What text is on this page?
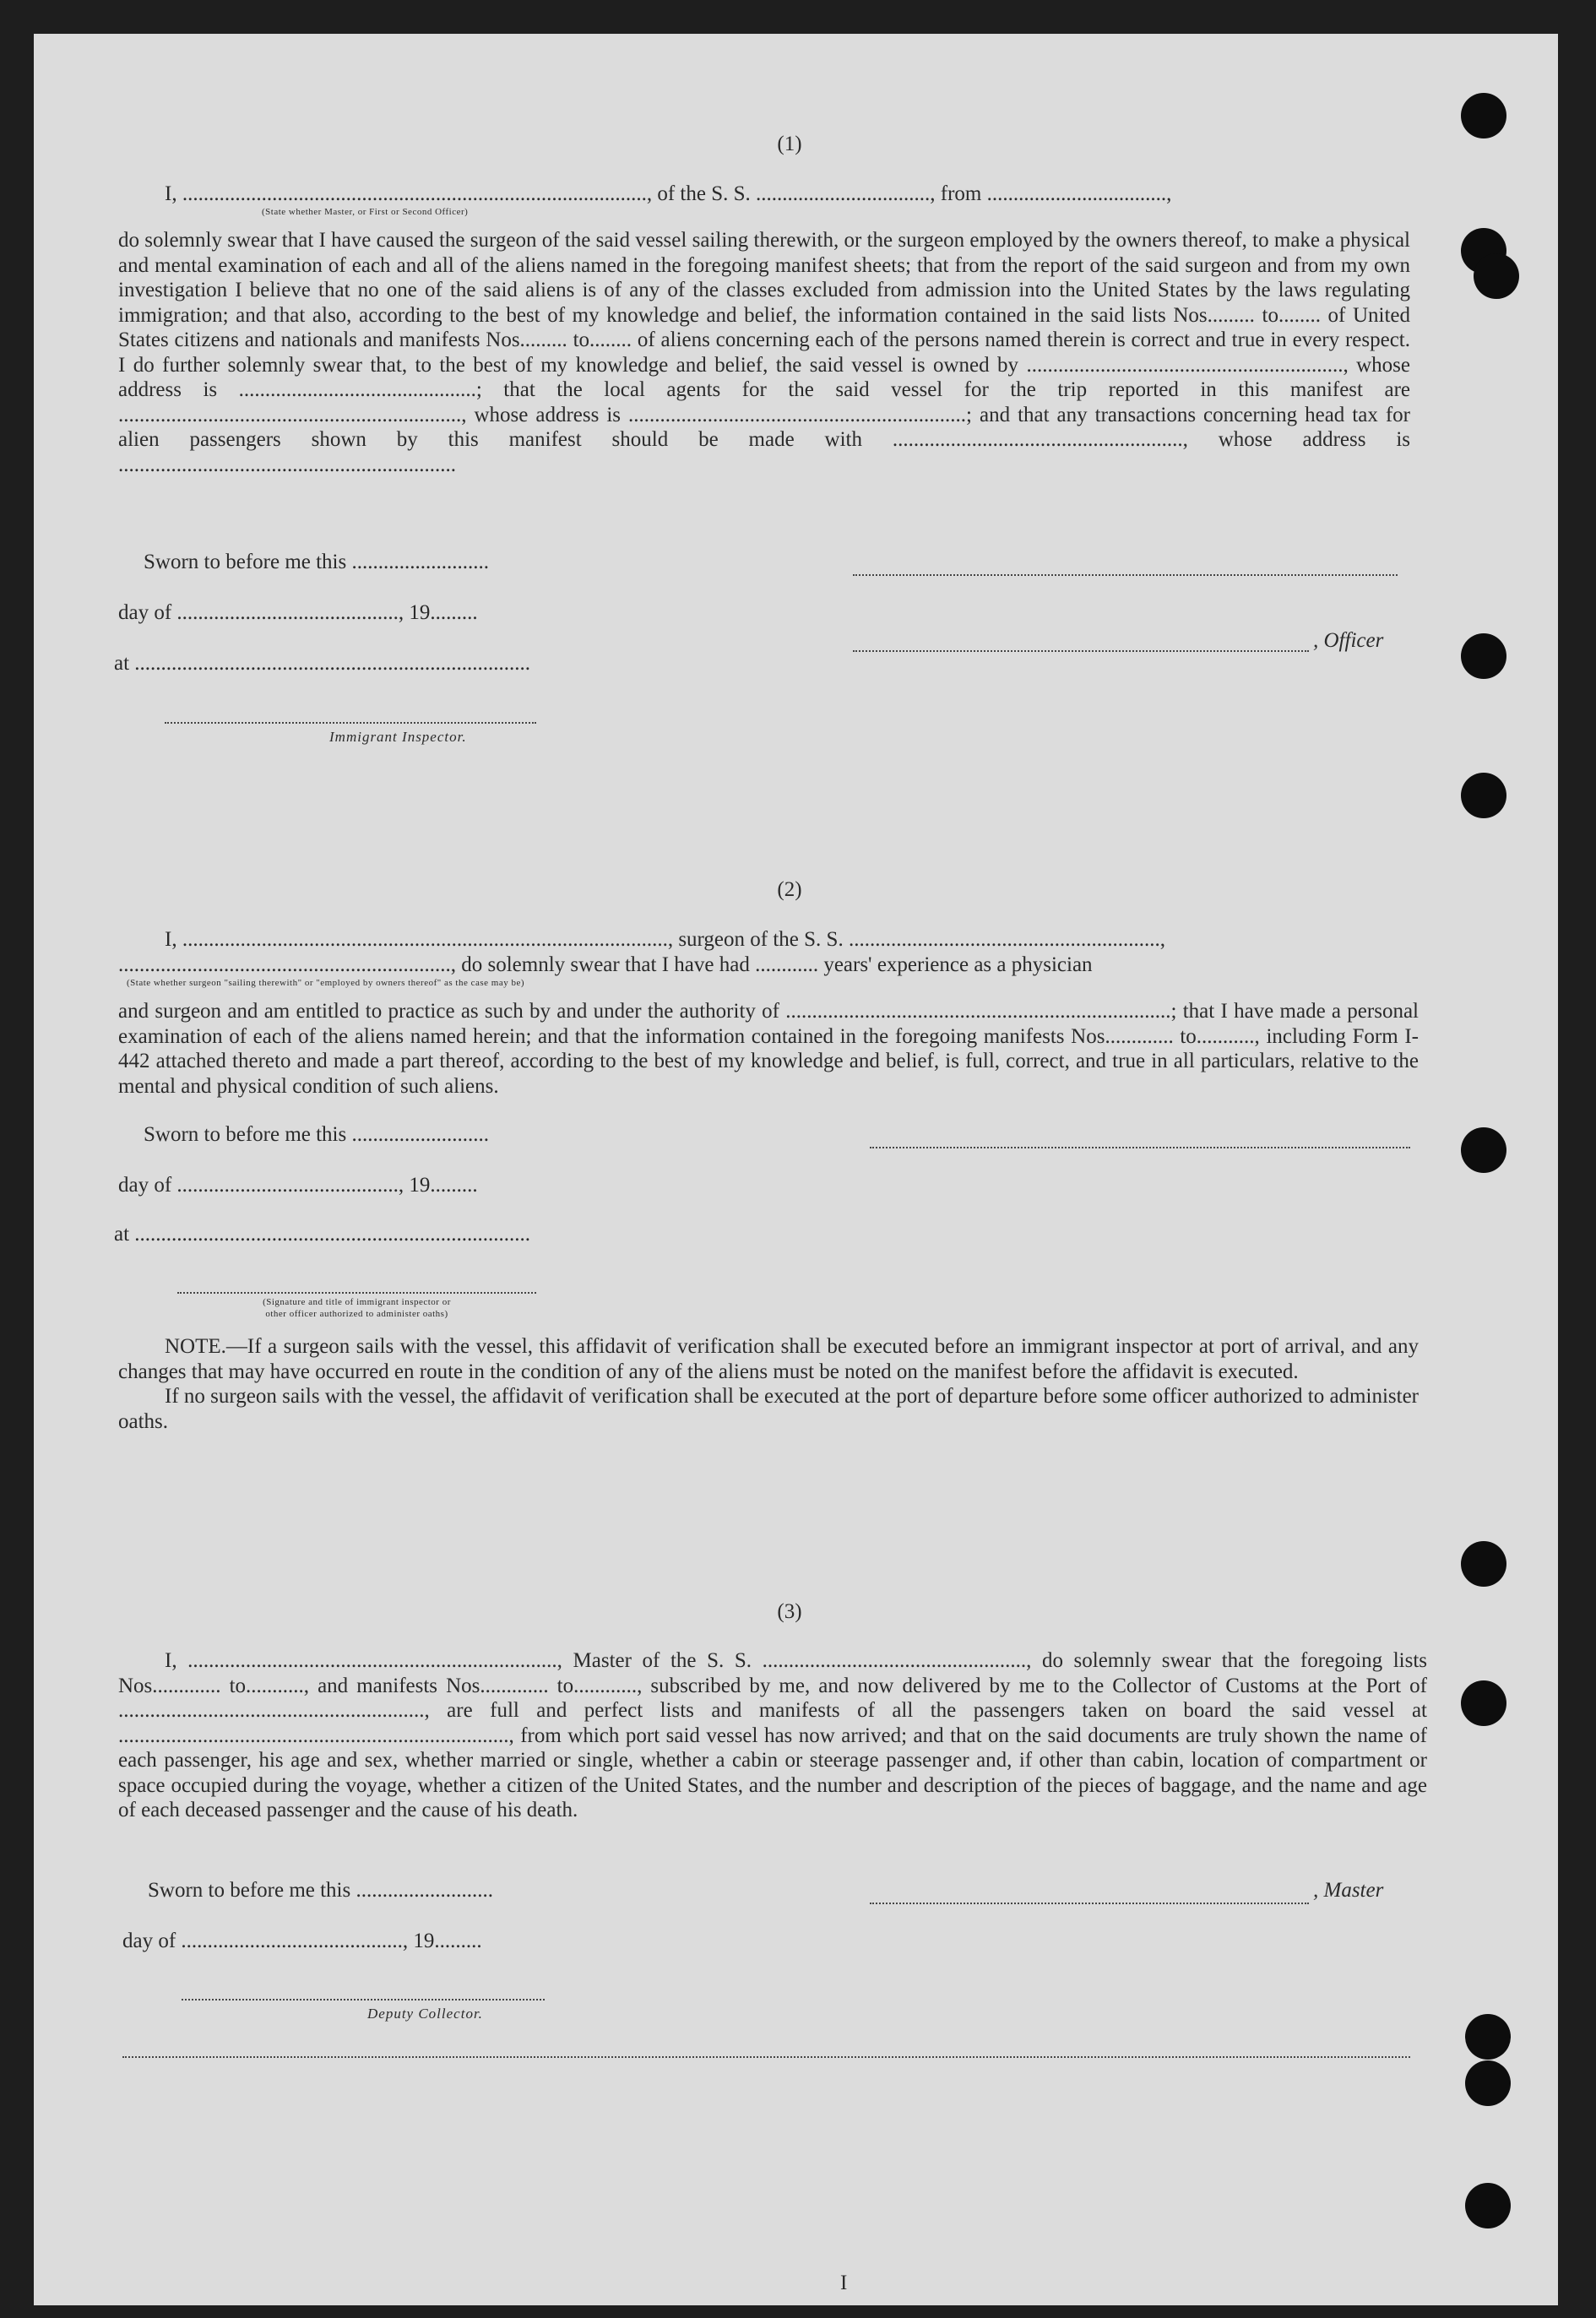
(1)
I, ........................................................................................, of the S. S. ................................., from ..................................,
(State whether Master, or First or Second Officer)

do solemnly swear that I have caused the surgeon of the said vessel sailing therewith, or the surgeon employed by the owners thereof, to make a physical and mental examination of each and all of the aliens named in the foregoing manifest sheets; that from the report of the said surgeon and from my own investigation I believe that no one of the said aliens is of any of the classes excluded from admission into the United States by the laws regulating immigration; and that also, according to the best of my knowledge and belief, the information contained in the said lists Nos......... to........ of United States citizens and nationals and manifests Nos......... to........ of aliens concerning each of the persons named therein is correct and true in every respect. I do further solemnly swear that, to the best of my knowledge and belief, the said vessel is owned by ............................................................, whose address is .............................................; that the local agents for the said vessel for the trip reported in this manifest are ................................................................., whose address is ................................................................; and that any transactions concerning head tax for alien passengers shown by this manifest should be made with ......................................................., whose address is ................................................................

Sworn to before me this ..........................
day of .........................................., 19.........
, Officer
at ...........................................................................
Immigrant Inspector.
(2)
I, ............................................................................................, surgeon of the S. S. ...........................................................,
..............................................................., do solemnly swear that I have had ............ years' experience as a physician
(State whether surgeon "sailing therewith" or "employed by owners thereof" as the case may be)

and surgeon and am entitled to practice as such by and under the authority of .........................................................................; that I have made a personal examination of each of the aliens named herein; and that the information contained in the foregoing manifests Nos............. to..........., including Form I-442 attached thereto and made a part thereof, according to the best of my knowledge and belief, is full, correct, and true in all particulars, relative to the mental and physical condition of such aliens.

Sworn to before me this ..........................
day of .........................................., 19.........
at ...........................................................................
(Signature and title of immigrant inspector or
other officer authorized to administer oaths)

NOTE.—If a surgeon sails with the vessel, this affidavit of verification shall be executed before an immigrant inspector at port of arrival, and any changes that may have occurred en route in the condition of any of the aliens must be noted on the manifest before the affidavit is executed.

If no surgeon sails with the vessel, the affidavit of verification shall be executed at the port of departure before some officer authorized to administer oaths.

(3)

I, ......................................................................, Master of the S. S. .................................................., do solemnly swear that the foregoing lists Nos............. to..........., and manifests Nos............. to............, subscribed by me, and now delivered by me to the Collector of Customs at the Port of .........................................................., are full and perfect lists and manifests of all the passengers taken on board the said vessel at .........................................................................., from which port said vessel has now arrived; and that on the said documents are truly shown the name of each passenger, his age and sex, whether married or single, whether a cabin or steerage passenger and, if other than cabin, location of compartment or space occupied during the voyage, whether a citizen of the United States, and the number and description of the pieces of baggage, and the name and age of each deceased passenger and the cause of his death.

Sworn to before me this ..........................	, Master
day of .........................................., 19.........
Deputy Collector.
I
